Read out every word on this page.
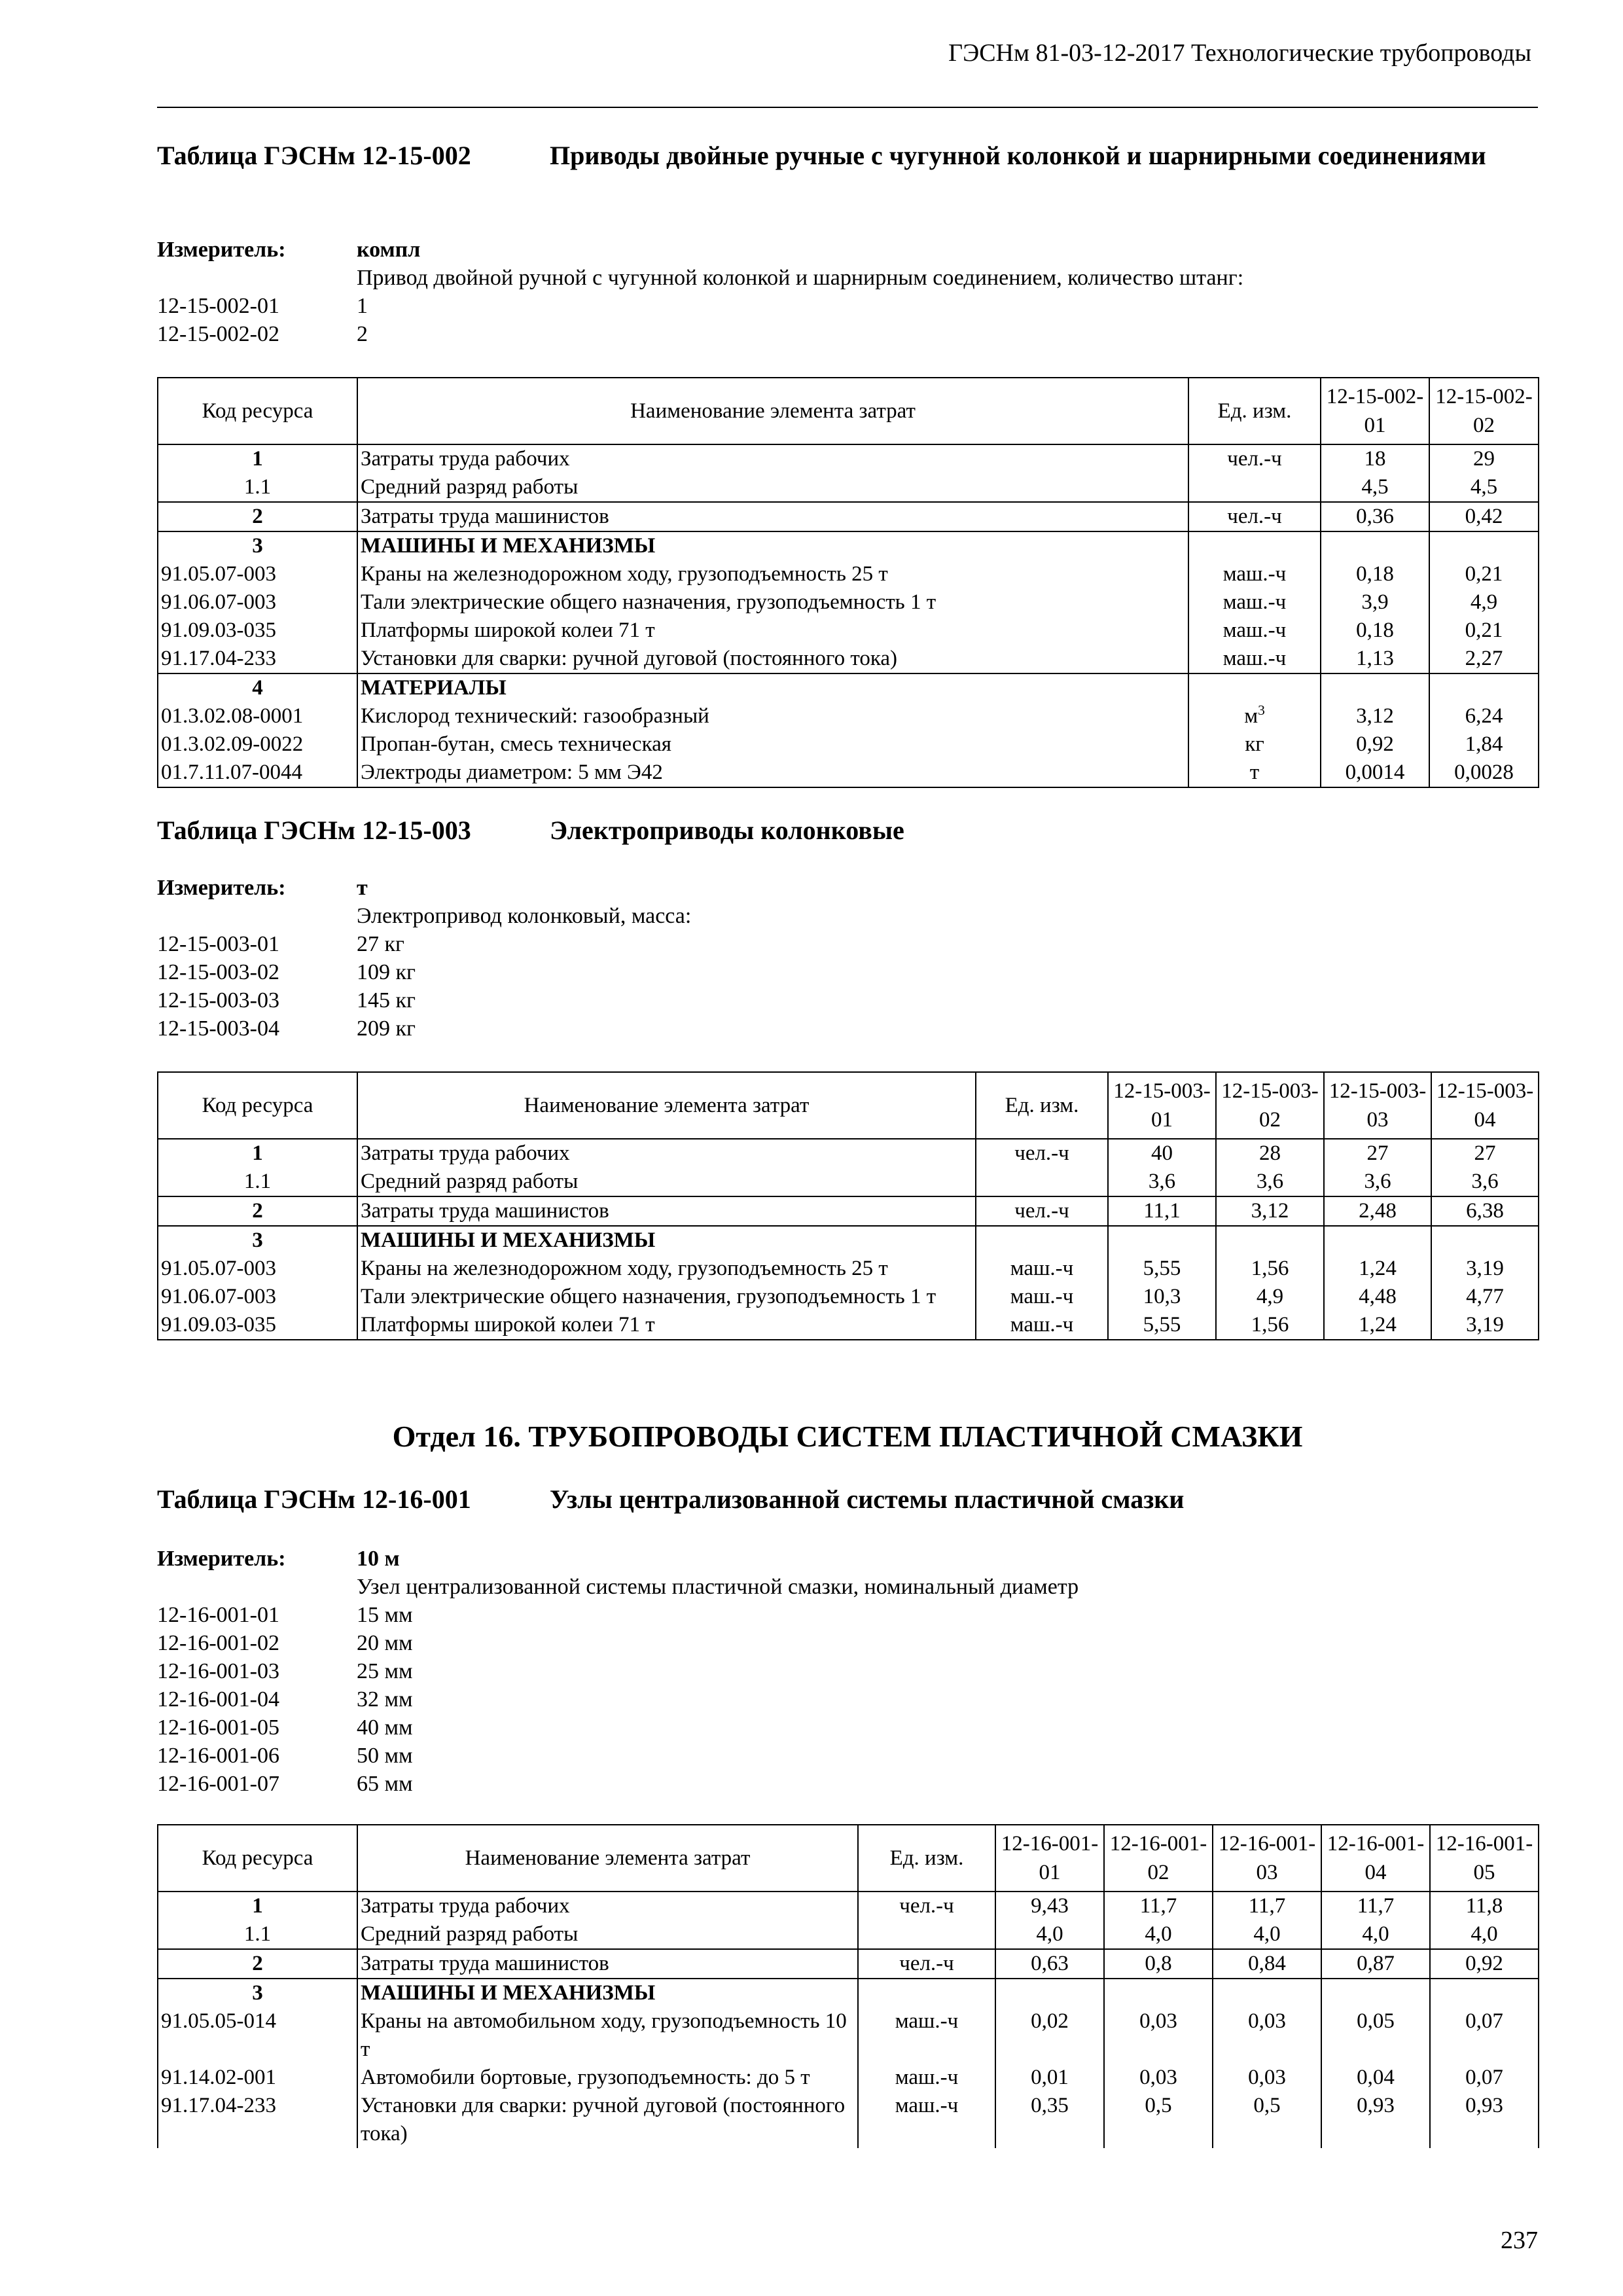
ГЭСНм 81-03-12-2017 Технологические трубопроводы
Таблица ГЭСНм 12-15-002	Приводы двойные ручные с чугунной колонкой и шарнирными соединениями
Измеритель:	компл
Привод двойной ручной с чугунной колонкой и шарнирным соединением, количество штанг:
12-15-002-01	1
12-15-002-02	2
Код ресурса	Наименование элемента затрат	Ед. изм.	12-15-002-01	12-15-002-02
1	Затраты труда рабочих	чел.-ч	18	29
1.1	Средний разряд работы		4,5	4,5
2	Затраты труда машинистов	чел.-ч	0,36	0,42
3	МАШИНЫ И МЕХАНИЗМЫ			
91.05.07-003	Краны на железнодорожном ходу, грузоподъемность 25 т	маш.-ч	0,18	0,21
91.06.07-003	Тали электрические общего назначения, грузоподъемность 1 т	маш.-ч	3,9	4,9
91.09.03-035	Платформы широкой колеи 71 т	маш.-ч	0,18	0,21
91.17.04-233	Установки для сварки: ручной дуговой (постоянного тока)	маш.-ч	1,13	2,27
4	МАТЕРИАЛЫ			
01.3.02.08-0001	Кислород технический: газообразный	$м^3$	3,12	6,24
01.3.02.09-0022	Пропан-бутан, смесь техническая	кг	0,92	1,84
01.7.11.07-0044	Электроды диаметром: 5 мм Э42	т	0,0014	0,0028
Таблица ГЭСНм 12-15-003	Электроприводы колонковые
Измеритель:	т
Электропривод колонковый, масса:
12-15-003-01	27 кг
12-15-003-02	109 кг
12-15-003-03	145 кг
12-15-003-04	209 кг
Код ресурса	Наименование элемента затрат	Ед. изм.	12-15-003-01	12-15-003-02	12-15-003-03	12-15-003-04
1	Затраты труда рабочих	чел.-ч	40	28	27	27
1.1	Средний разряд работы		3,6	3,6	3,6	3,6
2	Затраты труда машинистов	чел.-ч	11,1	3,12	2,48	6,38
3	МАШИНЫ И МЕХАНИЗМЫ					
91.05.07-003	Краны на железнодорожном ходу, грузоподъемность 25 т	маш.-ч	5,55	1,56	1,24	3,19
91.06.07-003	Тали электрические общего назначения, грузоподъемность 1 т	маш.-ч	10,3	4,9	4,48	4,77
91.09.03-035	Платформы широкой колеи 71 т	маш.-ч	5,55	1,56	1,24	3,19
Отдел 16. ТРУБОПРОВОДЫ СИСТЕМ ПЛАСТИЧНОЙ СМАЗКИ
Таблица ГЭСНм 12-16-001	Узлы централизованной системы пластичной смазки
Измеритель:	10 м
Узел централизованной системы пластичной смазки, номинальный диаметр
12-16-001-01	15 мм
12-16-001-02	20 мм
12-16-001-03	25 мм
12-16-001-04	32 мм
12-16-001-05	40 мм
12-16-001-06	50 мм
12-16-001-07	65 мм
Код ресурса	Наименование элемента затрат	Ед. изм.	12-16-001-01	12-16-001-02	12-16-001-03	12-16-001-04	12-16-001-05
1	Затраты труда рабочих	чел.-ч	9,43	11,7	11,7	11,7	11,8
1.1	Средний разряд работы		4,0	4,0	4,0	4,0	4,0
2	Затраты труда машинистов	чел.-ч	0,63	0,8	0,84	0,87	0,92
3	МАШИНЫ И МЕХАНИЗМЫ						
91.05.05-014	Краны на автомобильном ходу, грузоподъемность 10 т	маш.-ч	0,02	0,03	0,03	0,05	0,07
91.14.02-001	Автомобили бортовые, грузоподъемность: до 5 т	маш.-ч	0,01	0,03	0,03	0,04	0,07
91.17.04-233	Установки для сварки: ручной дуговой (постоянного тока)	маш.-ч	0,35	0,5	0,5	0,93	0,93
237
